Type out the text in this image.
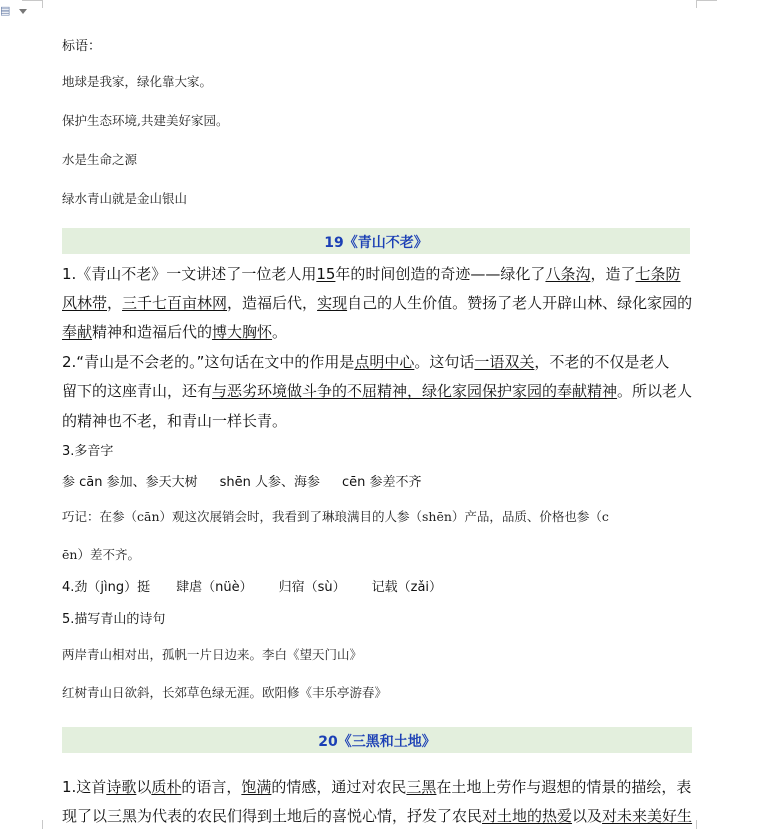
▤
标语：
地球是我家，绿化靠大家。
保护生态环境,共建美好家园。
水是生命之源
绿水青山就是金山银山
19《青山不老》
1.《青山不老》一文讲述了一位老人用15年的时间创造的奇迹——绿化了八条沟，造了七条防
风林带，三千七百亩林网，造福后代，实现自己的人生价值。赞扬了老人开辟山林、绿化家园的
奉献精神和造福后代的博大胸怀。
2.“青山是不会老的。”这句话在文中的作用是点明中心。这句话一语双关，不老的不仅是老人
留下的这座青山，还有与恶劣环境做斗争的不屈精神，绿化家园保护家园的奉献精神。所以老人
的精神也不老，和青山一样长青。
3.多音字
参 cān 参加、参天大树 shēn 人参、海参 cēn 参差不齐
巧记：在参（cān）观这次展销会时，我看到了琳琅满目的人参（shēn）产品，品质、价格也参（c
ēn）差不齐。
4.劲（jìng）挺 肆虐（nüè） 归宿（sù） 记载（zǎi）
5.描写青山的诗句
两岸青山相对出，孤帆一片日边来。李白《望天门山》
红树青山日欲斜，长郊草色绿无涯。欧阳修《丰乐亭游春》
20《三黑和土地》
1.这首诗歌以质朴的语言，饱满的情感，通过对农民三黑在土地上劳作与遐想的情景的描绘，表
现了以三黑为代表的农民们得到土地后的喜悦心情，抒发了农民对土地的热爱以及对未来美好生
